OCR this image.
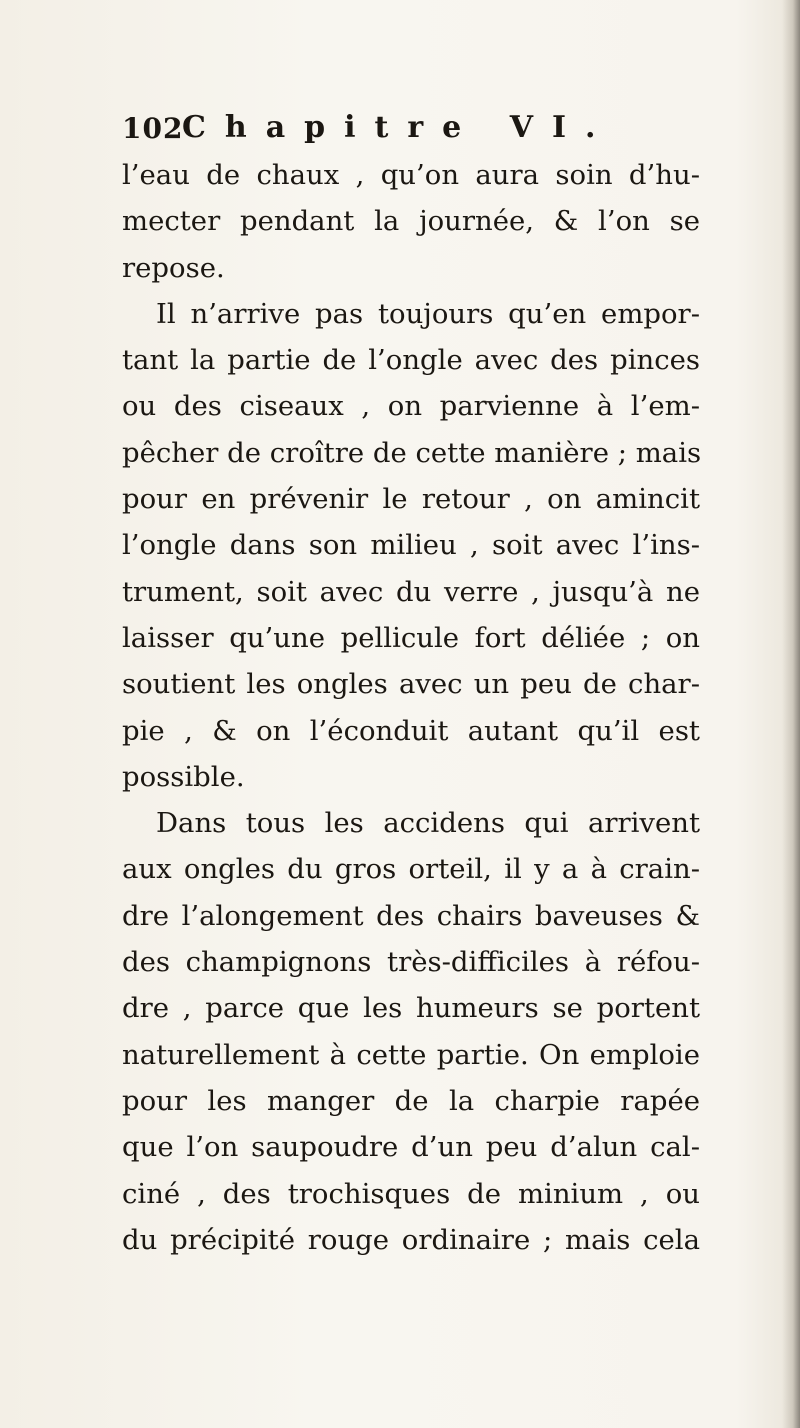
102
Chapitre VI.
l’eau de chaux , qu’on aura soin d’hu-
mecter pendant la journée, & l’on se
repose.
Il n’arrive pas toujours qu’en empor-
tant la partie de l’ongle avec des pinces
ou des ciseaux , on parvienne à l’em-
pêcher de croître de cette manière ; mais
pour en prévenir le retour , on amincit
l’ongle dans son milieu , soit avec l’ins-
trument, soit avec du verre , jusqu’à ne
laisser qu’une pellicule fort déliée ; on
soutient les ongles avec un peu de char-
pie , & on l’éconduit autant qu’il est
possible.
Dans tous les accidens qui arrivent
aux ongles du gros orteil, il y a à crain-
dre l’alongement des chairs baveuses &
des champignons très-difficiles à réfou-
dre , parce que les humeurs se portent
naturellement à cette partie. On emploie
pour les manger de la charpie rapée
que l’on saupoudre d’un peu d’alun cal-
ciné , des trochisques de minium , ou
du précipité rouge ordinaire ; mais cela
